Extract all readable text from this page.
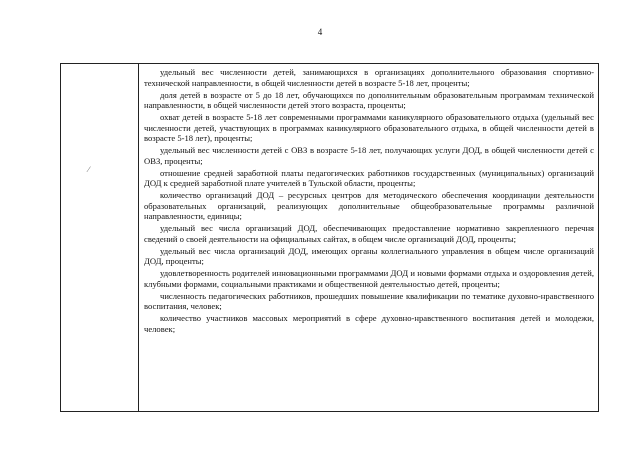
4
⁄

удельный вес численности детей, занимающихся в организациях дополнительного образования спортивно-технической направленности, в общей численности детей в возрасте 5-18 лет, проценты;

доля детей в возрасте от 5 до 18 лет, обучающихся по дополнительным образовательным программам технической направленности, в общей численности детей этого возраста, проценты;

охват детей в возрасте 5-18 лет современными программами каникулярного образовательного отдыха (удельный вес численности детей, участвующих в программах каникулярного образовательного отдыха, в общей численности детей в возрасте 5-18 лет), проценты;

удельный вес численности детей с ОВЗ в возрасте 5-18 лет, получающих услуги ДОД, в общей численности детей с ОВЗ, проценты;

отношение средней заработной платы педагогических работников государственных (муниципальных) организаций ДОД к средней заработной плате учителей в Тульской области, проценты;

количество организаций ДОД – ресурсных центров для методического обеспечения координации деятельности образовательных организаций, реализующих дополнительные общеобразовательные программы различной направленности, единицы;

удельный вес числа организаций ДОД, обеспечивающих предоставление нормативно закрепленного перечня сведений о своей деятельности на официальных сайтах, в общем числе организаций ДОД, проценты;

удельный вес числа организаций ДОД, имеющих органы коллегиального управления в общем числе организаций ДОД, проценты;

удовлетворенность родителей инновационными программами ДОД и новыми формами отдыха и оздоровления детей, клубными формами, социальными практиками и общественной деятельностью детей, проценты;

численность педагогических работников, прошедших повышение квалификации по тематике духовно-нравственного воспитания, человек;

количество участников массовых мероприятий в сфере духовно-нравственного воспитания детей и молодежи, человек;
